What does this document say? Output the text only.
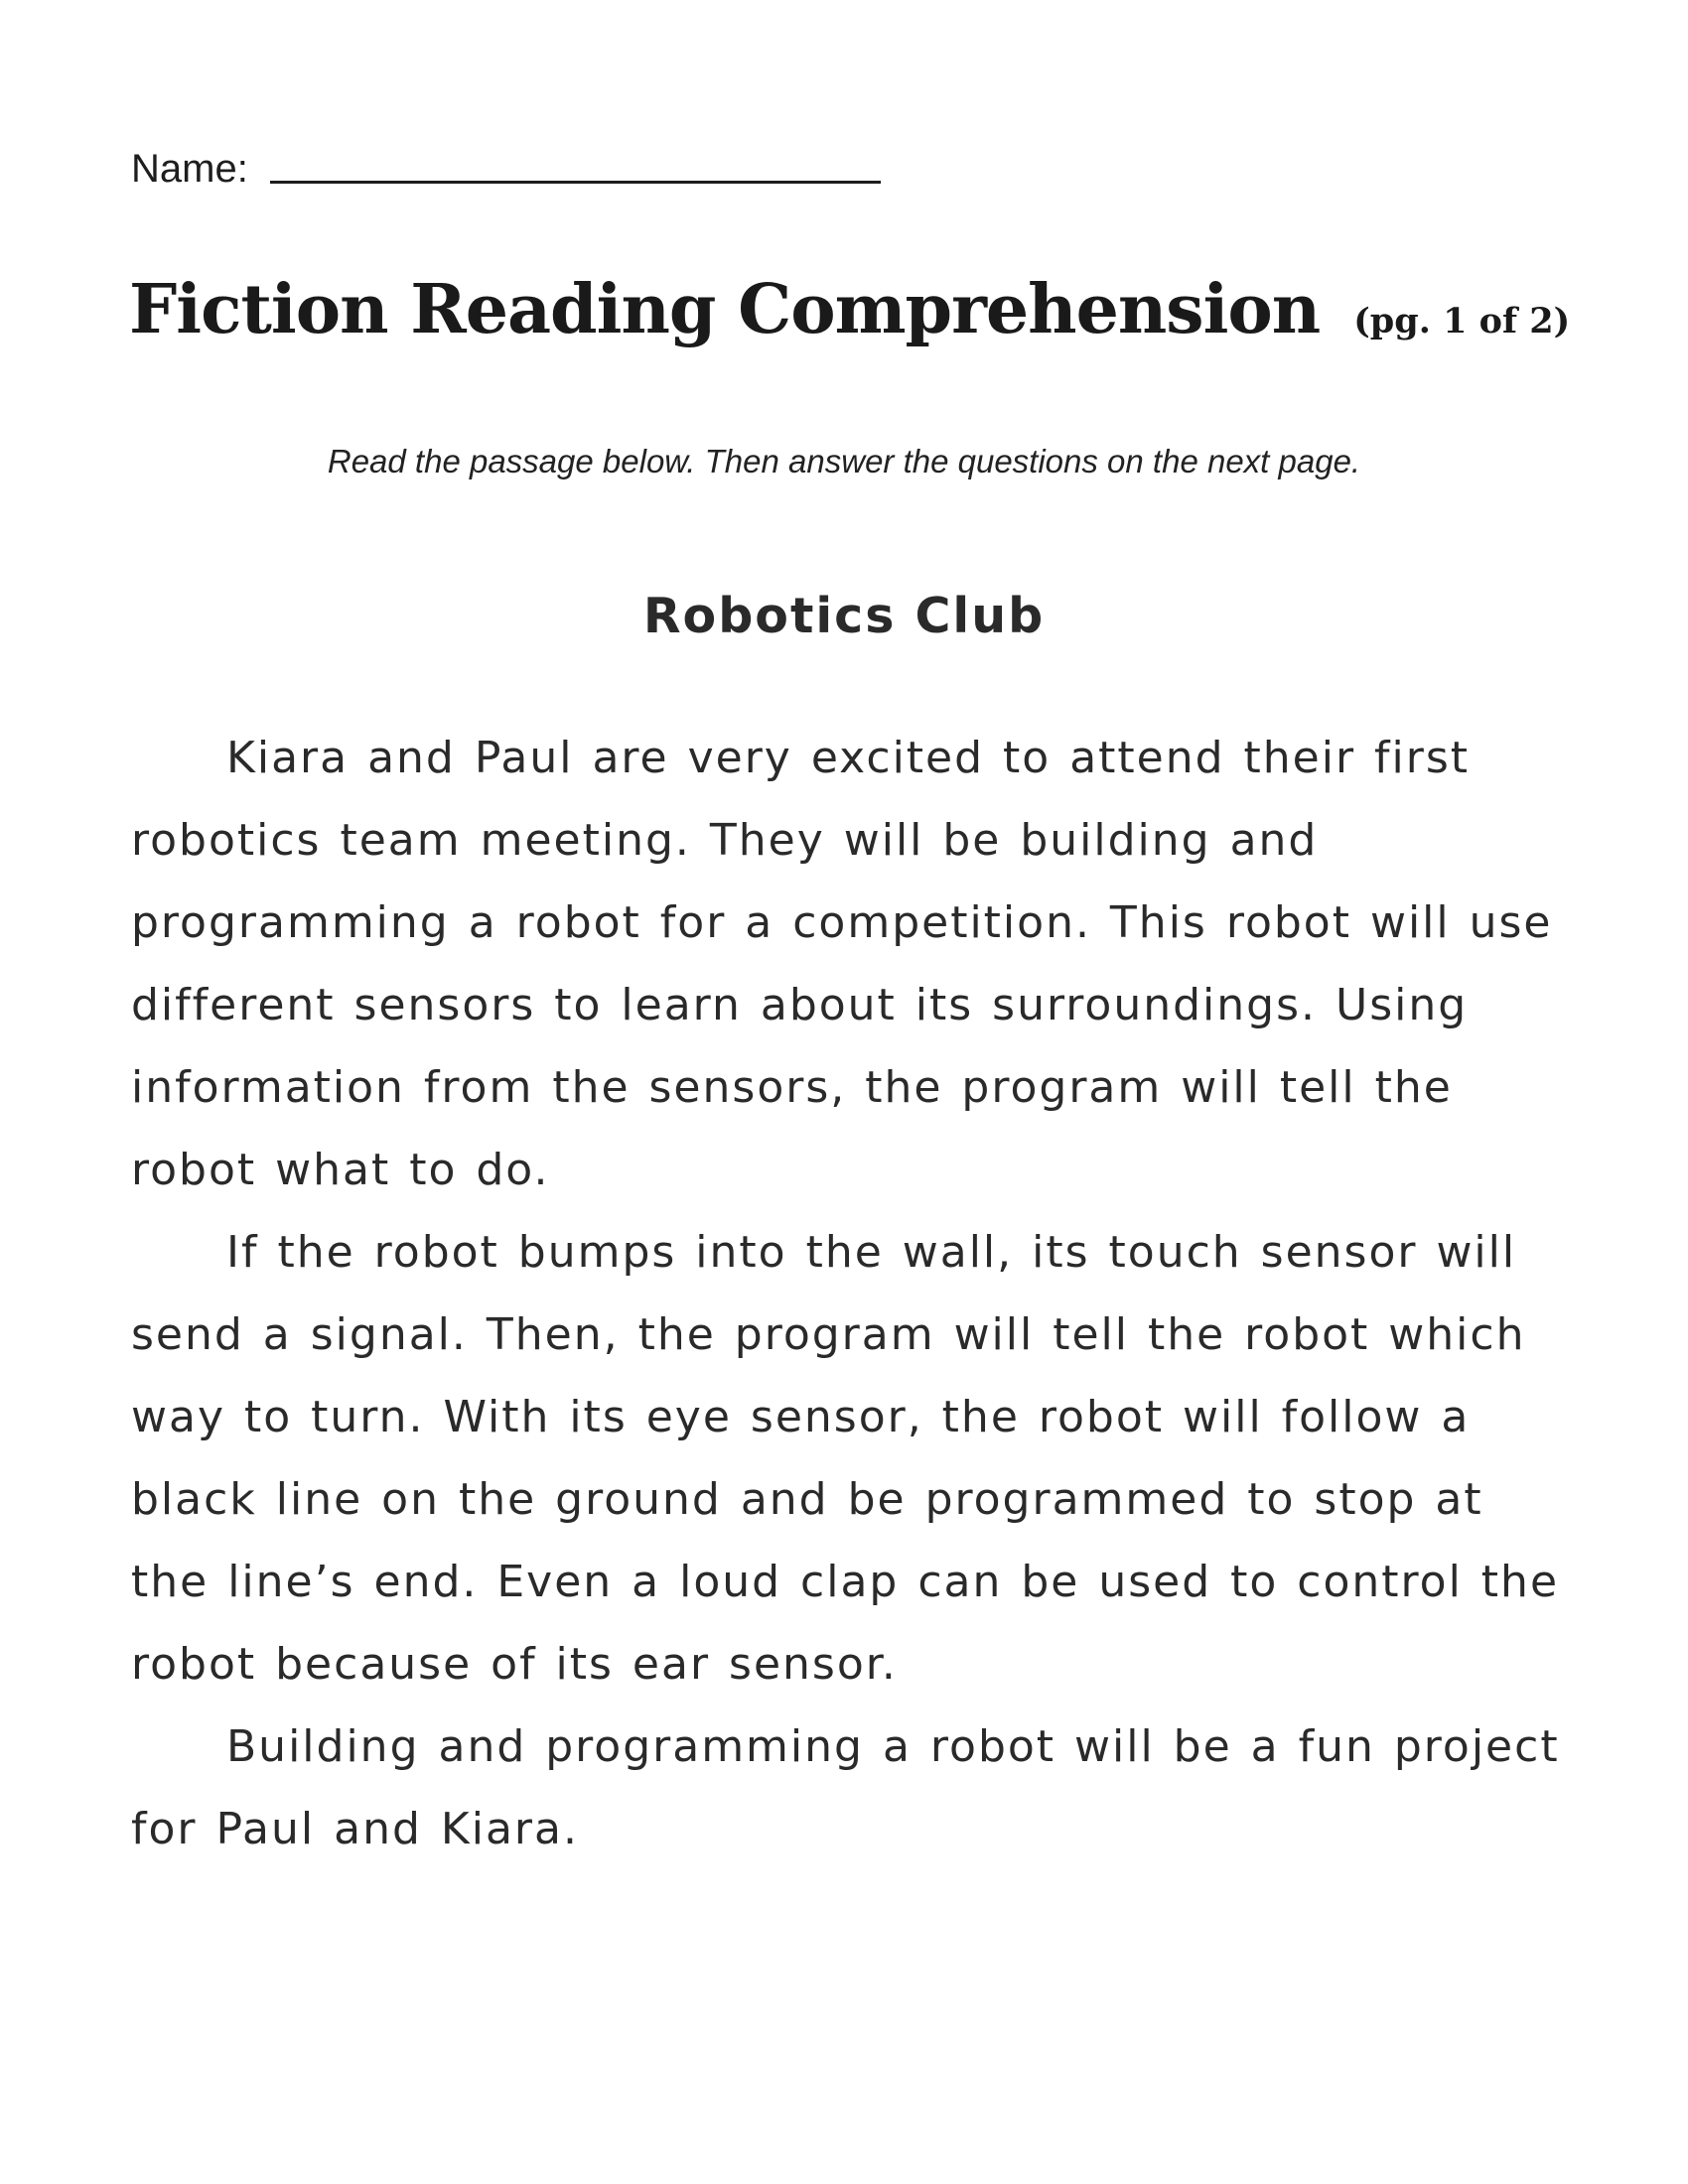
Name:
Fiction Reading Comprehension (pg. 1 of 2)
Read the passage below. Then answer the questions on the next page.
Robotics Club

Kiara and Paul are very excited to attend their first robotics team meeting. They will be building and programming a robot for a competition. This robot will use different sensors to learn about its surroundings. Using information from the sensors, the program will tell the robot what to do.

If the robot bumps into the wall, its touch sensor will send a signal. Then, the program will tell the robot which way to turn. With its eye sensor, the robot will follow a black line on the ground and be programmed to stop at the line’s end. Even a loud clap can be used to control the robot because of its ear sensor.

Building and programming a robot will be a fun project for Paul and Kiara.
